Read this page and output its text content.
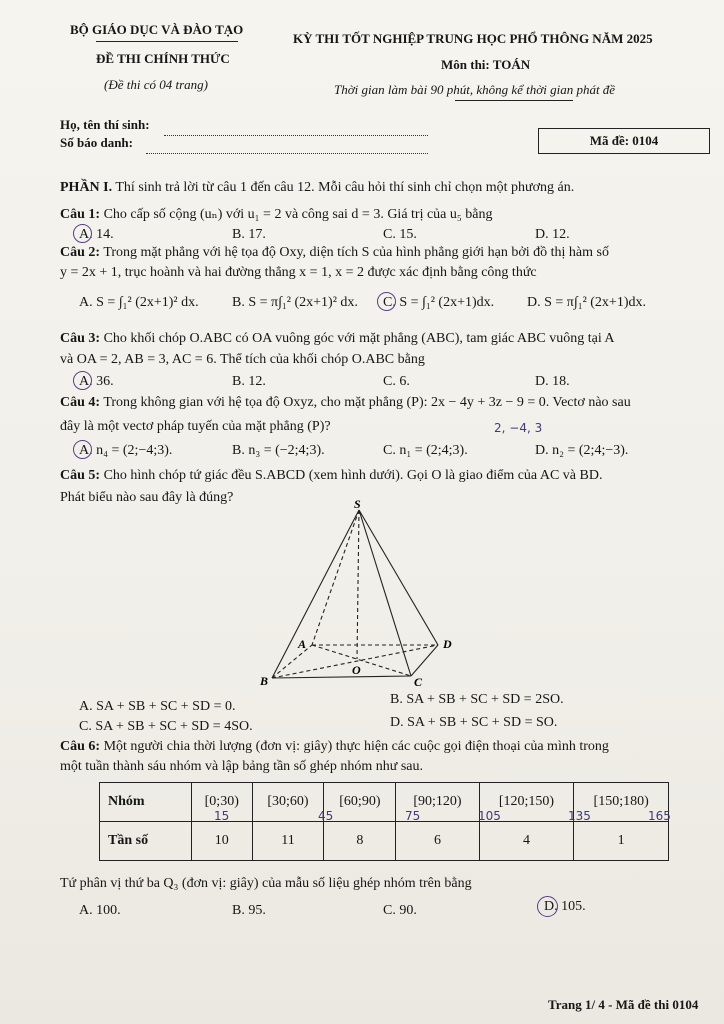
BỘ GIÁO DỤC VÀ ĐÀO TẠO
ĐỀ THI CHÍNH THỨC
(Đề thi có 04 trang)
KỲ THI TỐT NGHIỆP TRUNG HỌC PHỔ THÔNG NĂM 2025
Môn thi: TOÁN
Thời gian làm bài 90 phút, không kể thời gian phát đề
Họ, tên thí sinh:
Số báo danh:	Mã đề: 0104
PHẦN I. Thí sinh trả lời từ câu 1 đến câu 12. Mỗi câu hỏi thí sinh chỉ chọn một phương án.
Câu 1: Cho cấp số cộng (uₙ) với u₁ = 2 và công sai d = 3. Giá trị của u₅ bằng
A. 14.	B. 17.	C. 15.	D. 12.
Câu 2: Trong mặt phẳng với hệ tọa độ Oxy, diện tích S của hình phẳng giới hạn bởi đồ thị hàm số
y = 2x + 1, trục hoành và hai đường thẳng x = 1, x = 2 được xác định bằng công thức
A. S = ∫₁² (2x+1)² dx. B. S = π∫₁² (2x+1)² dx. C. S = ∫₁² (2x+1)dx. D. S = π∫₁² (2x+1)dx.
Câu 3: Cho khối chóp O.ABC có OA vuông góc với mặt phẳng (ABC), tam giác ABC vuông tại A
và OA = 2, AB = 3, AC = 6. Thể tích của khối chóp O.ABC bằng
A. 36.	B. 12.	C. 6.	D. 18.
Câu 4: Trong không gian với hệ tọa độ Oxyz, cho mặt phẳng (P): 2x − 4y + 3z − 9 = 0. Vectơ nào sau
đây là một vectơ pháp tuyến của mặt phẳng (P)?	2, −4, 3
A. n₄ = (2;−4;3).	B. n₃ = (−2;4;3).	C. n₁ = (2;4;3).	D. n₂ = (2;4;−3).
Câu 5: Cho hình chóp tứ giác đều S.ABCD (xem hình dưới). Gọi O là giao điểm của AC và BD.
Phát biểu nào sau đây là đúng?	S
A
B	C
D
O
A. SA + SB + SC + SD = 0.	B. SA + SB + SC + SD = 2SO.
C. SA + SB + SC + SD = 4SO.	D. SA + SB + SC + SD = SO.
Câu 6: Một người chia thời lượng (đơn vị: giây) thực hiện các cuộc gọi điện thoại của mình trong
một tuần thành sáu nhóm và lập bảng tần số ghép nhóm như sau.
Nhóm	[0;30)	[30;60)	[60;90)	[90;120)	[120;150)	[150;180)
Tần số	10	11	8	6	4	1
15	45	75	105	135	165
Tứ phân vị thứ ba Q₃ (đơn vị: giây) của mẫu số liệu ghép nhóm trên bằng
A. 100.	B. 95.	C. 90.	D. 105.
Trang 1/ 4 - Mã đề thi 0104
